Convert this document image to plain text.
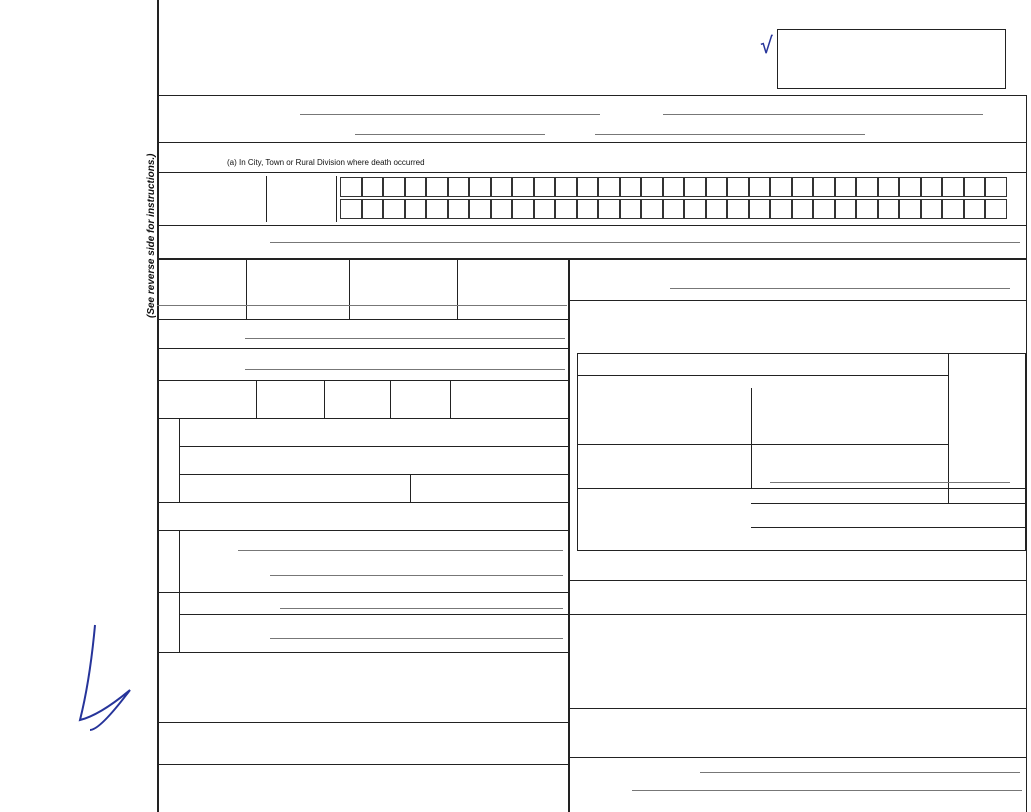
√
(See reverse side for instructions.)	(a) In City, Town or Rural Division where death occurred
